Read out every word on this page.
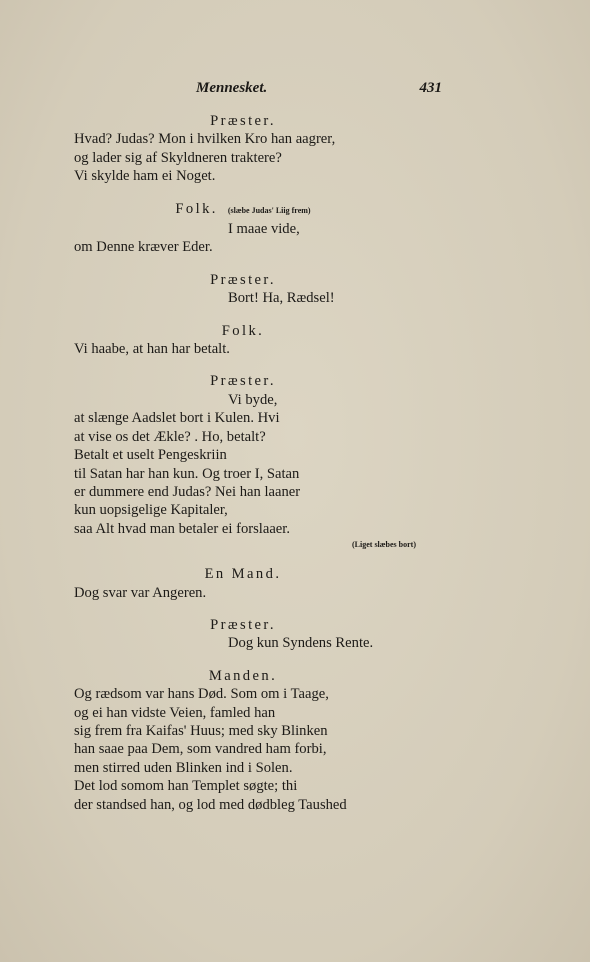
Mennesket.	431
Præster.
Hvad? Judas? Mon i hvilken Kro han aagrer,
og lader sig af Skyldneren traktere?
Vi skylde ham ei Noget.
Folk. (slæbe Judas' Liig frem)
I maae vide,
om Denne kræver Eder.
Præster.
Bort! Ha, Rædsel!
Folk.
Vi haabe, at han har betalt.
Præster.
Vi byde,
at slænge Aadslet bort i Kulen. Hvi
at vise os det Ækle? . Ho, betalt?
Betalt et uselt Pengeskriin
til Satan har han kun. Og troer I, Satan
er dummere end Judas? Nei han laaner
kun uopsigelige Kapitaler,
saa Alt hvad man betaler ei forslaaer.
(Liget slæbes bort)
En Mand.
Dog svar var Angeren.
Præster.
Dog kun Syndens Rente.
Manden.
Og rædsom var hans Død. Som om i Taage,
og ei han vidste Veien, famled han
sig frem fra Kaifas' Huus; med sky Blinken
han saae paa Dem, som vandred ham forbi,
men stirred uden Blinken ind i Solen.
Det lod somom han Templet søgte; thi
der standsed han, og lod med dødbleg Taushed
